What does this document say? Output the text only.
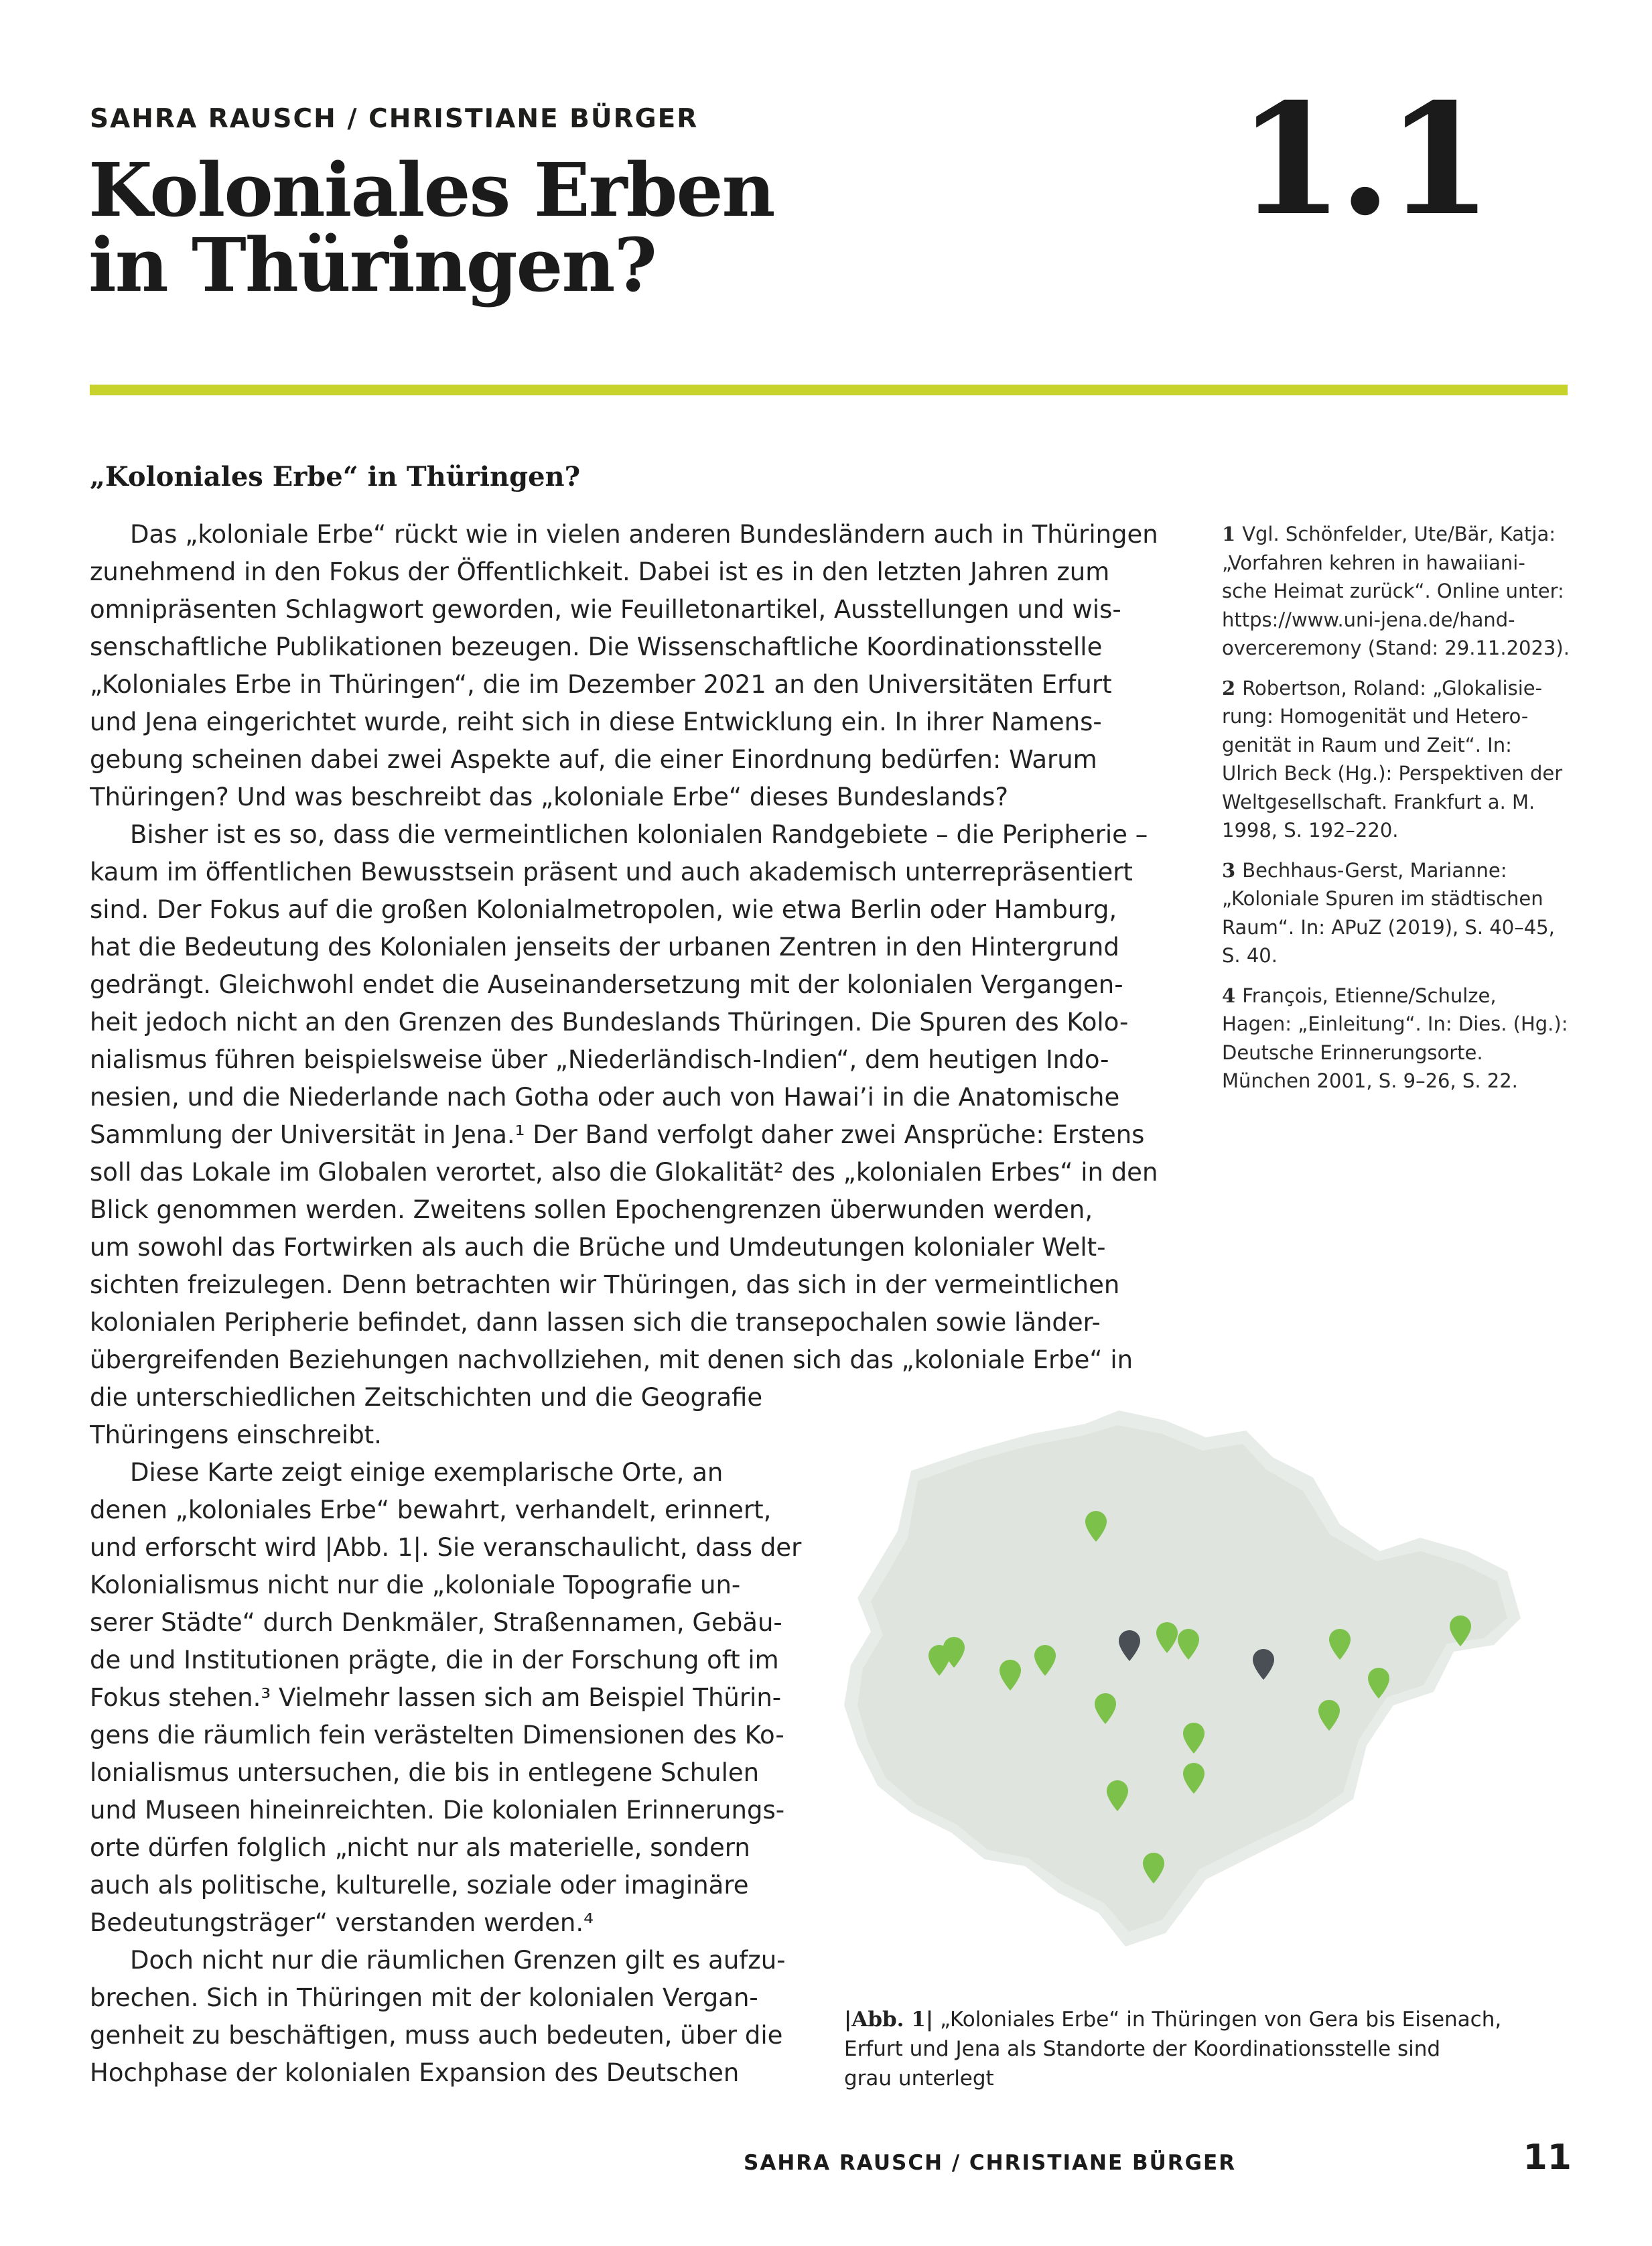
SAHRA RAUSCH / CHRISTIANE BÜRGER
Koloniales Erben
in Thüringen?
1.1
„Koloniales Erbe“ in Thüringen?
Das „koloniale Erbe“ rückt wie in vielen anderen Bundesländern auch in Thüringen
zunehmend in den Fokus der Öffentlichkeit. Dabei ist es in den letzten Jahren zum
omnipräsenten Schlagwort geworden, wie Feuilletonartikel, Ausstellungen und wis-
senschaftliche Publikationen bezeugen. Die Wissenschaftliche Koordinationsstelle
„Koloniales Erbe in Thüringen“, die im Dezember 2021 an den Universitäten Erfurt
und Jena eingerichtet wurde, reiht sich in diese Entwicklung ein. In ihrer Namens-
gebung scheinen dabei zwei Aspekte auf, die einer Einordnung bedürfen: Warum
Thüringen? Und was beschreibt das „koloniale Erbe“ dieses Bundeslands?
Bisher ist es so, dass die vermeintlichen kolonialen Randgebiete – die Peripherie –
kaum im öffentlichen Bewusstsein präsent und auch akademisch unterrepräsentiert
sind. Der Fokus auf die großen Kolonialmetropolen, wie etwa Berlin oder Hamburg,
hat die Bedeutung des Kolonialen jenseits der urbanen Zentren in den Hintergrund
gedrängt. Gleichwohl endet die Auseinandersetzung mit der kolonialen Vergangen-
heit jedoch nicht an den Grenzen des Bundeslands Thüringen. Die Spuren des Kolo-
nialismus führen beispielsweise über „Niederländisch-Indien“, dem heutigen Indo-
nesien, und die Niederlande nach Gotha oder auch von Hawai’i in die Anatomische
Sammlung der Universität in Jena.¹ Der Band verfolgt daher zwei Ansprüche: Erstens
soll das Lokale im Globalen verortet, also die Glokalität² des „kolonialen Erbes“ in den
Blick genommen werden. Zweitens sollen Epochengrenzen überwunden werden,
um sowohl das Fortwirken als auch die Brüche und Umdeutungen kolonialer Welt-
sichten freizulegen. Denn betrachten wir Thüringen, das sich in der vermeintlichen
kolonialen Peripherie befindet, dann lassen sich die transepochalen sowie länder-
übergreifenden Beziehungen nachvollziehen, mit denen sich das „koloniale Erbe“ in
die unterschiedlichen Zeitschichten und die Geografie
Thüringens einschreibt.
Diese Karte zeigt einige exemplarische Orte, an
denen „koloniales Erbe“ bewahrt, verhandelt, erinnert,
und erforscht wird |Abb. 1|. Sie veranschaulicht, dass der
Kolonialismus nicht nur die „koloniale Topografie un-
serer Städte“ durch Denkmäler, Straßennamen, Gebäu-
de und Institutionen prägte, die in der Forschung oft im
Fokus stehen.³ Vielmehr lassen sich am Beispiel Thürin-
gens die räumlich fein verästelten Dimensionen des Ko-
lonialismus untersuchen, die bis in entlegene Schulen
und Museen hineinreichten. Die kolonialen Erinnerungs-
orte dürfen folglich „nicht nur als materielle, sondern
auch als politische, kulturelle, soziale oder imaginäre
Bedeutungsträger“ verstanden werden.⁴
Doch nicht nur die räumlichen Grenzen gilt es aufzu-
brechen. Sich in Thüringen mit der kolonialen Vergan-
genheit zu beschäftigen, muss auch bedeuten, über die
Hochphase der kolonialen Expansion des Deutschen
1 Vgl. Schönfelder, Ute/Bär, Katja:
„Vorfahren kehren in hawaiiani-
sche Heimat zurück“. Online unter:
https://www.uni-jena.de/hand-
overceremony (Stand: 29.11.2023).
2 Robertson, Roland: „Glokalisie-
rung: Homogenität und Hetero-
genität in Raum und Zeit“. In:
Ulrich Beck (Hg.): Perspektiven der
Weltgesellschaft. Frankfurt a. M.
1998, S. 192–220.
3 Bechhaus-Gerst, Marianne:
„Koloniale Spuren im städtischen
Raum“. In: APuZ (2019), S. 40–45,
S. 40.
4 François, Etienne/Schulze,
Hagen: „Einleitung“. In: Dies. (Hg.):
Deutsche Erinnerungsorte.
München 2001, S. 9–26, S. 22.
|Abb. 1| „Koloniales Erbe“ in Thüringen von Gera bis Eisenach,
Erfurt und Jena als Standorte der Koordinationsstelle sind
grau unterlegt
SAHRA RAUSCH / CHRISTIANE BÜRGER	11
